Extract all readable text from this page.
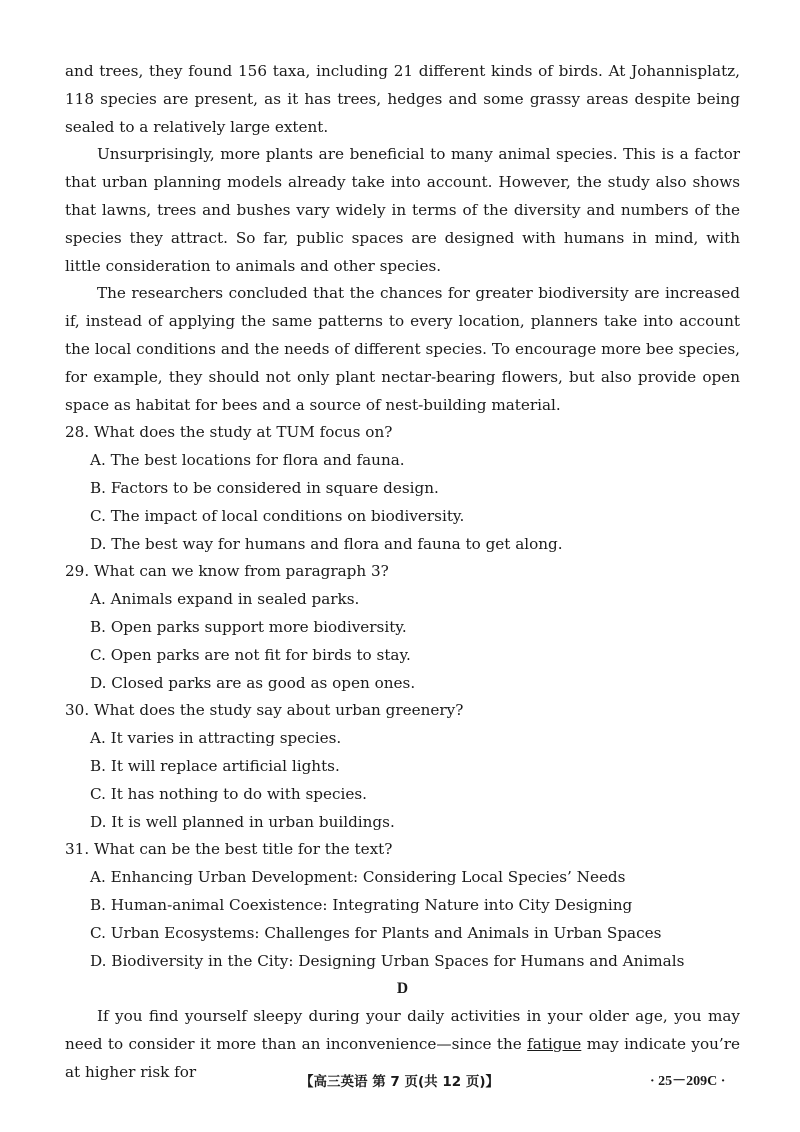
and trees, they found 156 taxa, including 21 different kinds of birds. At Johannisplatz, 118 species are present, as it has trees, hedges and some grassy areas despite being sealed to a relatively large extent.

Unsurprisingly, more plants are beneficial to many animal species. This is a factor that urban planning models already take into account. However, the study also shows that lawns, trees and bushes vary widely in terms of the diversity and numbers of the species they attract. So far, public spaces are designed with humans in mind, with little consideration to animals and other species.

The researchers concluded that the chances for greater biodiversity are increased if, instead of applying the same patterns to every location, planners take into account the local conditions and the needs of different species. To encourage more bee species, for example, they should not only plant nectar-bearing flowers, but also provide open space as habitat for bees and a source of nest-building material.

28. What does the study at TUM focus on?

A. The best locations for flora and fauna.

B. Factors to be considered in square design.

C. The impact of local conditions on biodiversity.

D. The best way for humans and flora and fauna to get along.

29. What can we know from paragraph 3?

A. Animals expand in sealed parks.

B. Open parks support more biodiversity.

C. Open parks are not fit for birds to stay.

D. Closed parks are as good as open ones.

30. What does the study say about urban greenery?

A. It varies in attracting species.

B. It will replace artificial lights.

C. It has nothing to do with species.

D. It is well planned in urban buildings.

31. What can be the best title for the text?

A. Enhancing Urban Development: Considering Local Species’ Needs

B. Human-animal Coexistence: Integrating Nature into City Designing

C. Urban Ecosystems: Challenges for Plants and Animals in Urban Spaces

D. Biodiversity in the City: Designing Urban Spaces for Humans and Animals

D

If you find yourself sleepy during your daily activities in your older age, you may need to consider it more than an inconvenience—since the fatigue may indicate you’re at higher risk for

【高三英语 第 7 页(共 12 页)】	· 25－209C ·
